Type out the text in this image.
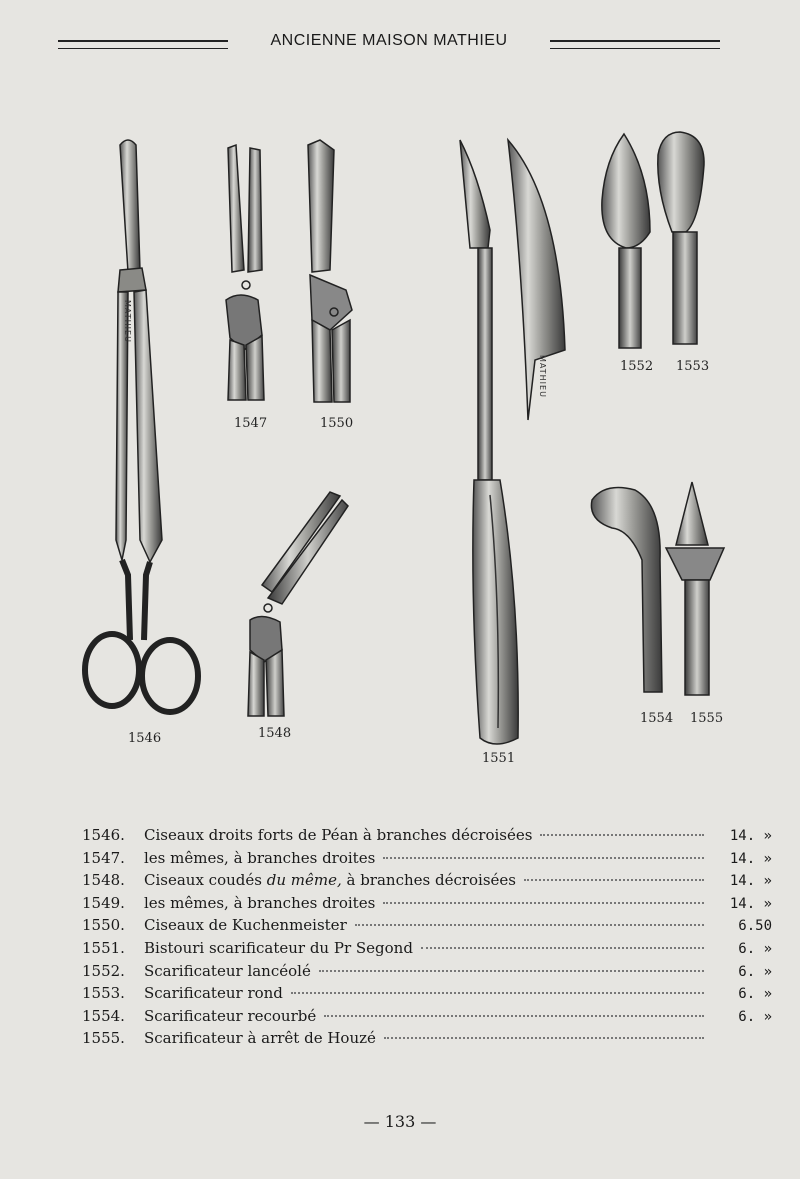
ANCIENNE MAISON MATHIEU
MATHIEU
MATHIEU
1546
1547	1550
1548
1551
1552 1553
1554 1555
1546.	Ciseaux droits forts de Péan à branches décroisées	14. »
1547.	les mêmes, à branches droites	14. »
1548.	Ciseaux coudés du même, à branches décroisées	14. »
1549.	les mêmes, à branches droites	14. »
1550.	Ciseaux de Kuchenmeister	6.50
1551.	Bistouri scarificateur du Pr Segond	6. »
1552.	Scarificateur lancéolé	6. »
1553.	Scarificateur rond	6. »
1554.	Scarificateur recourbé	6. »
1555.	Scarificateur à arrêt de Houzé
— 133 —
